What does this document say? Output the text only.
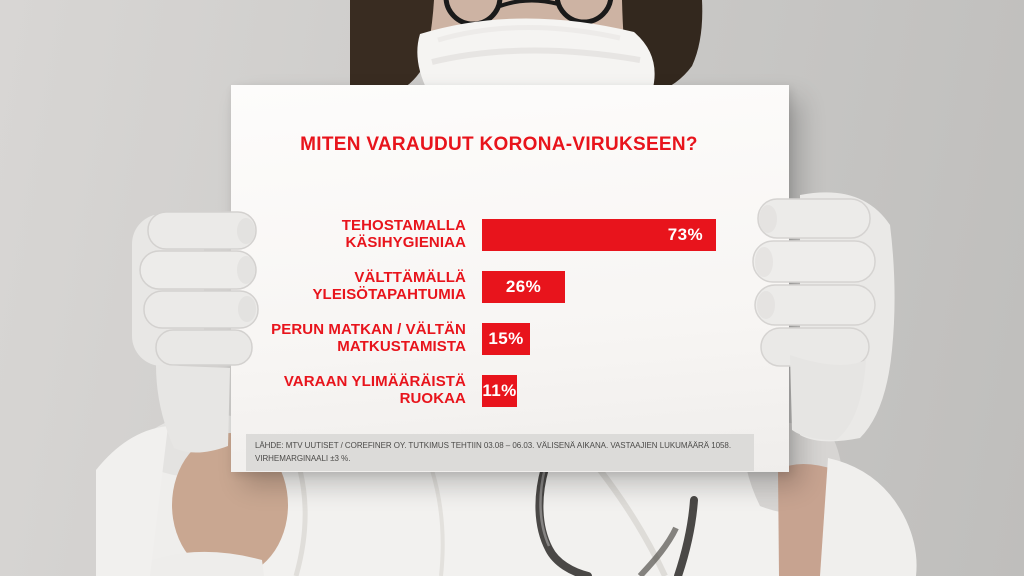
MITEN VARAUDUT KORONA-VIRUKSEEN?
TEHOSTAMALLA KÄSIHYGIENIAA	73%
VÄLTTÄMÄLLÄ YLEISÖTAPAHTUMIA 26%
PERUN MATKAN / VÄLTÄN MATKUSTAMISTA 15%
VARAAN YLIMÄÄRÄISTÄ RUOKAA 11%
LÄHDE: MTV UUTISET / COREFINER OY. TUTKIMUS TEHTIIN 03.08 – 06.03. VÄLISENÄ AIKANA. VASTAAJIEN LUKUMÄÄRÄ 1058.
VIRHEMARGINAALI ±3 %.
